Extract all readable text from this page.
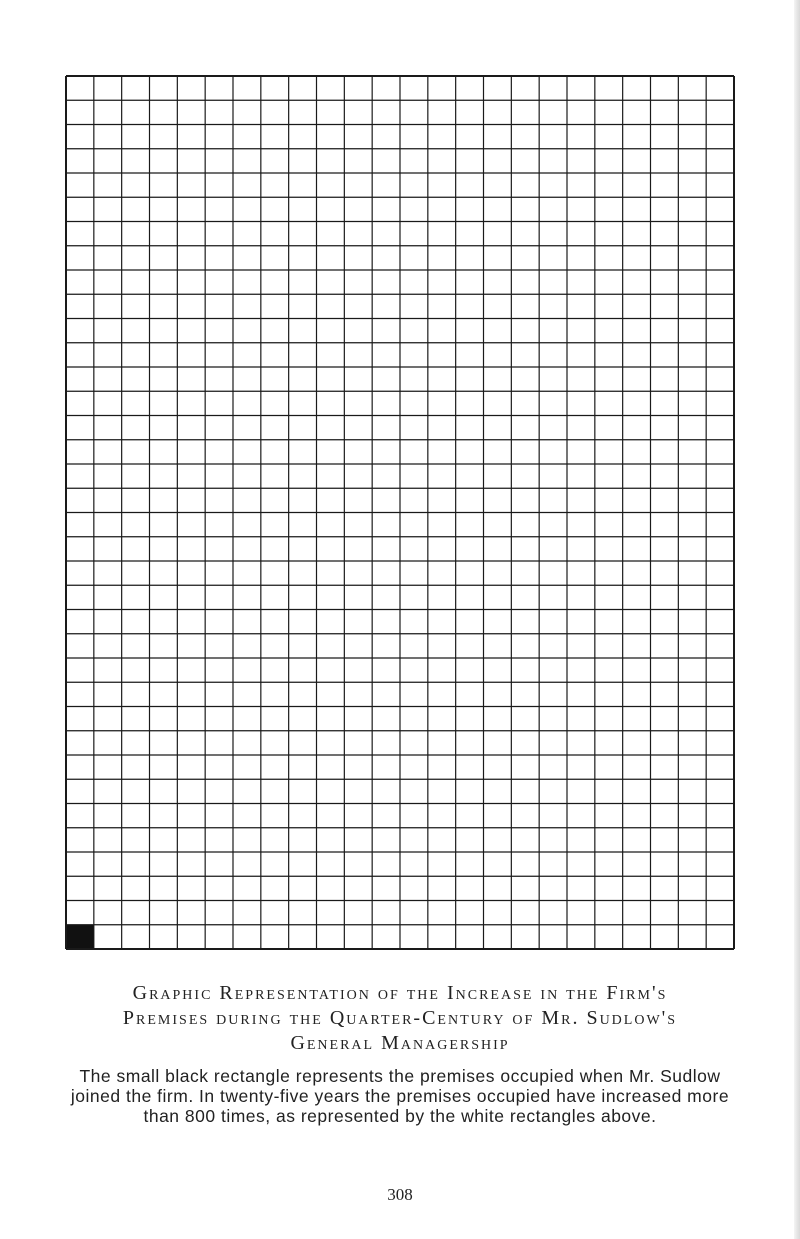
Graphic Representation of the Increase in the Firm's
Premises during the Quarter-Century of Mr. Sudlow's
General Managership
The small black rectangle represents the premises occupied when Mr. Sudlow joined the firm. In twenty-five years the premises occupied have increased more than 800 times, as represented by the white rectangles above.
308
